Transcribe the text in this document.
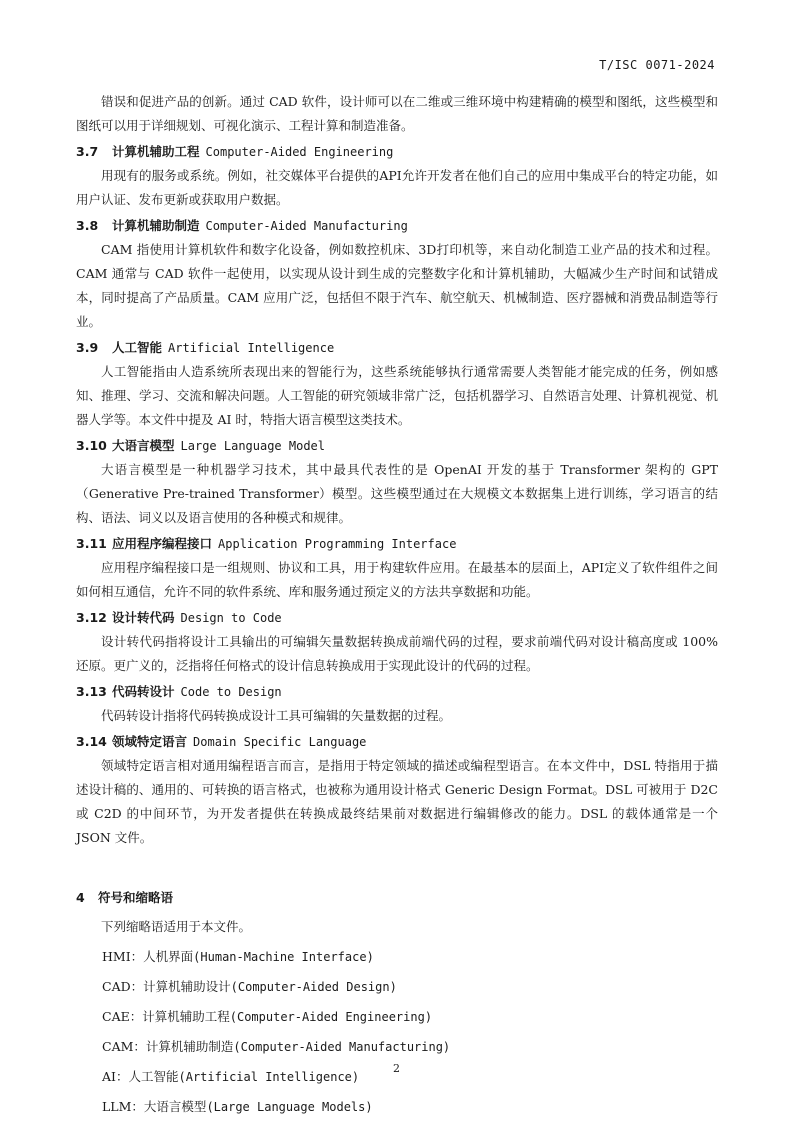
T/ISC 0071-2024

错误和促进产品的创新。通过 CAD 软件，设计师可以在二维或三维环境中构建精确的模型和图纸，这些模型和图纸可以用于详细规划、可视化演示、工程计算和制造准备。

3.7 计算机辅助工程 Computer-Aided Engineering

用现有的服务或系统。例如，社交媒体平台提供的API允许开发者在他们自己的应用中集成平台的特定功能，如用户认证、发布更新或获取用户数据。

3.8 计算机辅助制造 Computer-Aided Manufacturing

CAM 指使用计算机软件和数字化设备，例如数控机床、3D打印机等，来自动化制造工业产品的技术和过程。CAM 通常与 CAD 软件一起使用，以实现从设计到生成的完整数字化和计算机辅助，大幅减少生产时间和试错成本，同时提高了产品质量。CAM 应用广泛，包括但不限于汽车、航空航天、机械制造、医疗器械和消费品制造等行业。

3.9 人工智能 Artificial Intelligence

人工智能指由人造系统所表现出来的智能行为，这些系统能够执行通常需要人类智能才能完成的任务，例如感知、推理、学习、交流和解决问题。人工智能的研究领域非常广泛，包括机器学习、自然语言处理、计算机视觉、机器人学等。本文件中提及 AI 时，特指大语言模型这类技术。

3.10 大语言模型 Large Language Model

大语言模型是一种机器学习技术，其中最具代表性的是 OpenAI 开发的基于 Transformer 架构的 GPT（Generative Pre-trained Transformer）模型。这些模型通过在大规模文本数据集上进行训练，学习语言的结构、语法、词义以及语言使用的各种模式和规律。

3.11 应用程序编程接口 Application Programming Interface

应用程序编程接口是一组规则、协议和工具，用于构建软件应用。在最基本的层面上，API定义了软件组件之间如何相互通信，允许不同的软件系统、库和服务通过预定义的方法共享数据和功能。

3.12 设计转代码 Design to Code

设计转代码指将设计工具输出的可编辑矢量数据转换成前端代码的过程，要求前端代码对设计稿高度或 100% 还原。更广义的，泛指将任何格式的设计信息转换成用于实现此设计的代码的过程。

3.13 代码转设计 Code to Design

代码转设计指将代码转换成设计工具可编辑的矢量数据的过程。

3.14 领域特定语言 Domain Specific Language

领域特定语言相对通用编程语言而言，是指用于特定领域的描述或编程型语言。在本文件中，DSL 特指用于描述设计稿的、通用的、可转换的语言格式，也被称为通用设计格式 Generic Design Format。DSL 可被用于 D2C 或 C2D 的中间环节，为开发者提供在转换成最终结果前对数据进行编辑修改的能力。DSL 的载体通常是一个 JSON 文件。

4 符号和缩略语

下列缩略语适用于本文件。

HMI：人机界面(Human-Machine Interface)

CAD：计算机辅助设计(Computer-Aided Design)

CAE：计算机辅助工程(Computer-Aided Engineering)

CAM：计算机辅助制造(Computer-Aided Manufacturing)

AI：人工智能(Artificial Intelligence)

LLM：大语言模型(Large Language Models)

2
